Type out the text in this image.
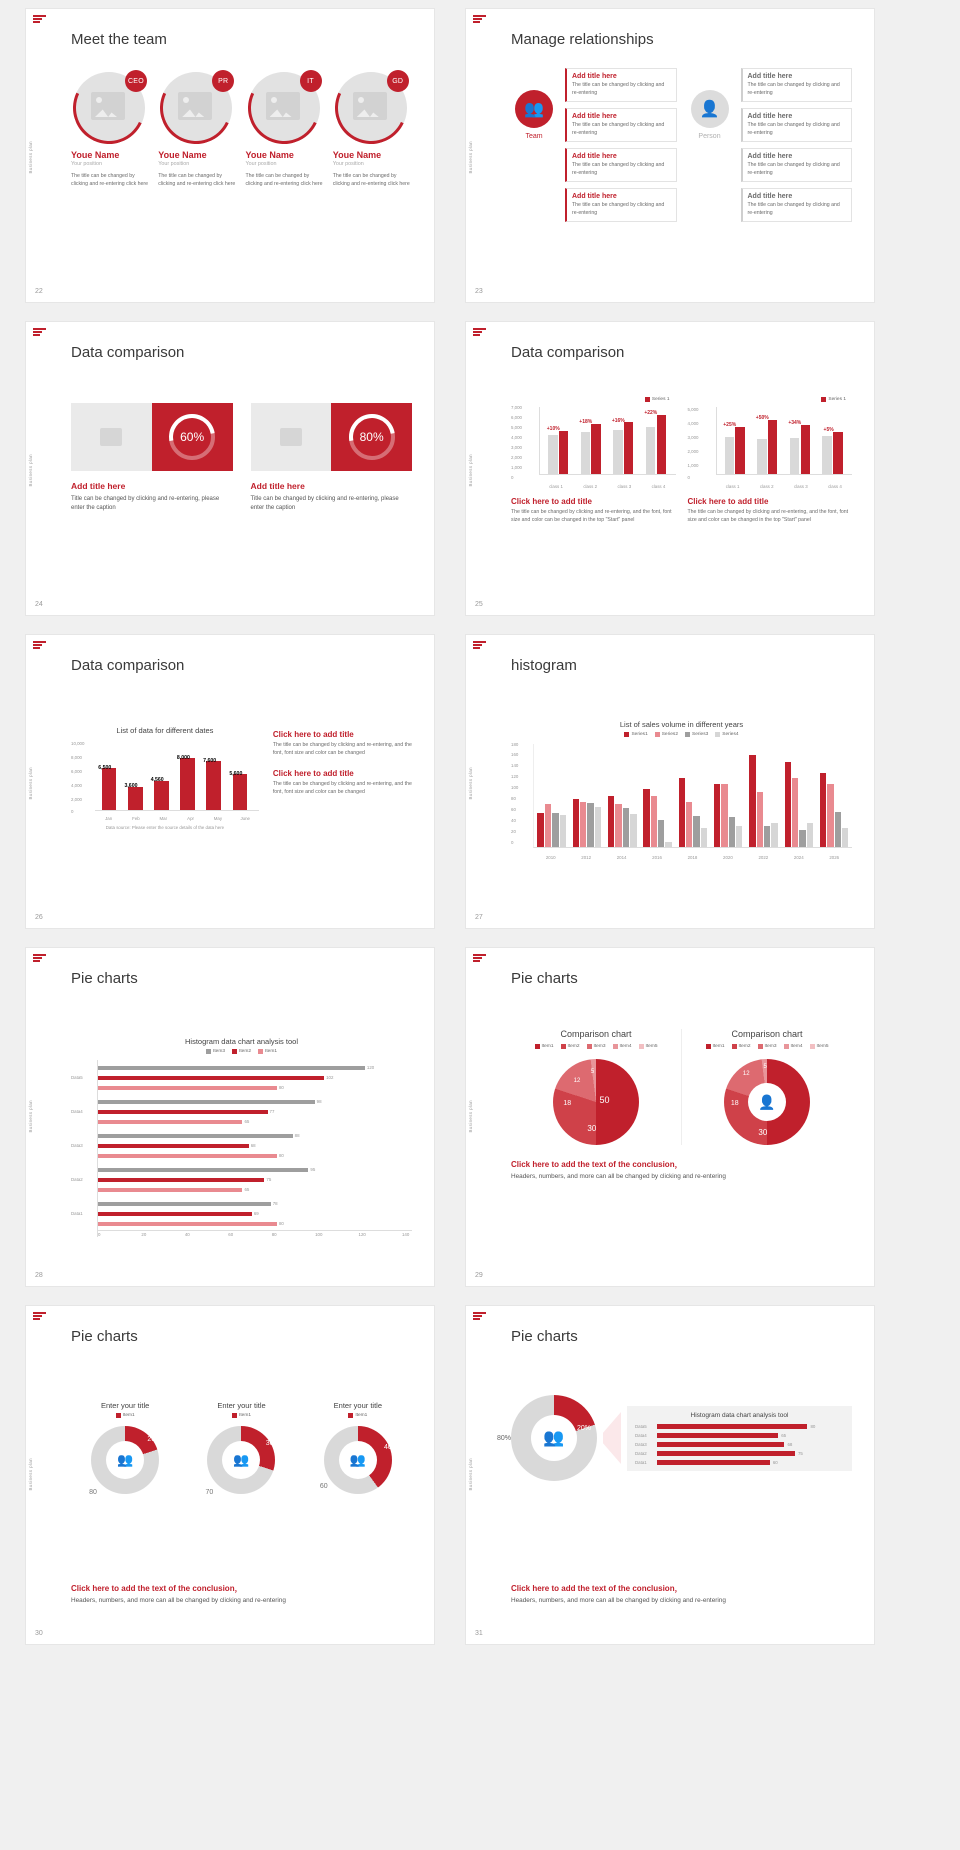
Business plan
22
Meet the team
CEO
Youe Name
Your position
The title can be changed by clicking and re-entering click here
PR
Youe Name
Your position
The title can be changed by clicking and re-entering click here
IT
Youe Name
Your position
The title can be changed by clicking and re-entering click here
GD
Youe Name
Your position
The title can be changed by clicking and re-entering click here
Business plan
23
Manage relationships
👥
Team
Add title here
The title can be changed by clicking and re-entering
Add title here
The title can be changed by clicking and re-entering
Add title here
The title can be changed by clicking and re-entering
Add title here
The title can be changed by clicking and re-entering
👤
Person
Add title here
The title can be changed by clicking and re-entering
Add title here
The title can be changed by clicking and re-entering
Add title here
The title can be changed by clicking and re-entering
Add title here
The title can be changed by clicking and re-entering
Business plan
24
Data comparison
60%
Add title here
Title can be changed by clicking and re-entering, please enter the caption
80%
Add title here
Title can be changed by clicking and re-entering, please enter the caption
Business plan
25
Data comparison
Series 1
7,000
6,000
5,000
4,000
3,000
2,000
1,000
0
+10%
+18%	+16%
+22%
class 1	class 2	class 3	class 4
Click here to add title
The title can be changed by clicking and re-entering, and the font, font size and color can be changed in the top "Start" panel
Series 1
5,000
4,000
3,000
2,000
1,000
0
+25%
+50%
+34%
+5%
class 1	class 2	class 3	class 4
Click here to add title
The title can be changed by clicking and re-entering, and the font, font size and color can be changed in the top "Start" panel
Business plan
26
Data comparison
List of data for different dates
10,000
8,000
6,000
4,000
2,000
0
6,500
3,600
4,560
8,000	7,600
5,600
Jan	Feb	Mar	Apr	May	June
Data source: Please enter the source details of the data here
Click here to add title
The title can be changed by clicking and re-entering, and the font, font size and color can be changed
Click here to add title
The title can be changed by clicking and re-entering, and the font, font size and color can be changed	Business plan
27
histogram
List of sales volume in different years
Series1	Series2	Series3	Series4
180
160
140
120
100
80
60
40
20
0
2010	2012	2014	2016	2018	2020	2022	2024	2026
Business plan
28
Pie charts
Histogram data chart analysis tool
Item3	Item2	Item1
Data5
Data4
Data3
Data2
Data1
120
102
80
98
77
65
88
68
80
95
75
65
78
69
80
0	20	40	60	80	100	120	140
Business plan
29
Pie charts
Comparison chart
Item1	Item2	Item3	Item4	Item5
50
30
18
12
5
Comparison chart
Item1	Item2	Item3	Item4	Item5
👤 50
30
18
12
5
Click here to add the text of the conclusion，
Headers, numbers, and more can all be changed by clicking and re-entering
Business plan
30
Pie charts
Enter your title
Item1
👥
20
80
Enter your title
Item1
👥
30
70
Enter your title
Item1
👥
40
60
Click here to add the text of the conclusion，
Headers, numbers, and more can all be changed by clicking and re-entering
Business plan
31
Pie charts
👥	20%
80%
Histogram data chart analysis tool
Data5	80
Data4	65
Data3	68
Data2	75
Data1	60
Click here to add the text of the conclusion，
Headers, numbers, and more can all be changed by clicking and re-entering
